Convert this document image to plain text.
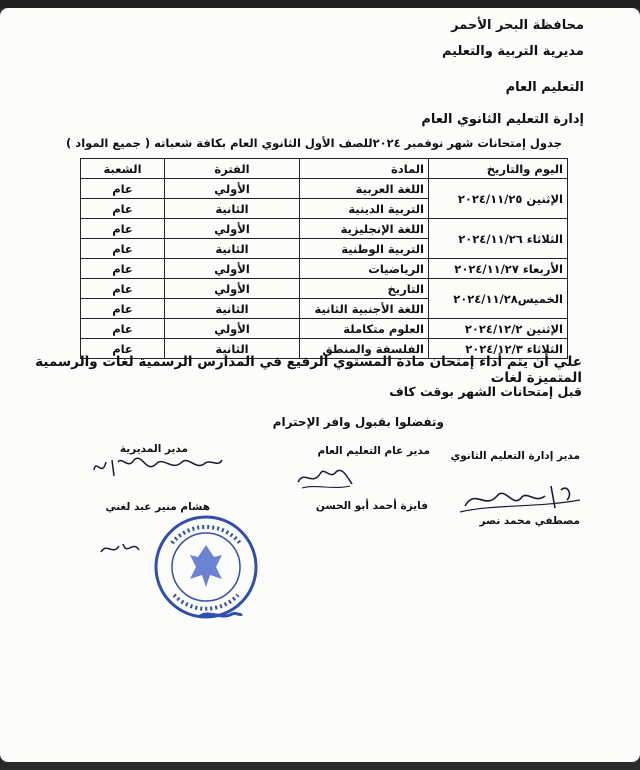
محافظة البحر الأحمر
مديرية التربية والتعليم
التعليم العام
إدارة التعليم الثانوي العام
جدول إمتحانات شهر نوفمبر ٢٠٢٤للصف الأول الثانوي العام بكافة شعباته ( جميع المواد )
اليوم والتاريخ	المادة	الفترة	الشعبة
الإثنين ٢٠٢٤/١١/٢٥	اللغة العربية	الأولي	عام
	التربية الدينية	الثانية	عام
الثلاثاء ٢٠٢٤/١١/٢٦	اللغة الإنجليزية	الأولي	عام
	التربية الوطنية	الثانية	عام
الأربعاء ٢٠٢٤/١١/٢٧	الرياضيات	الأولي	عام
الخميس٢٠٢٤/١١/٢٨	التاريخ	الأولي	عام
	اللغة الأجنبية الثانية	الثانية	عام
الإثنين ٢٠٢٤/١٢/٢	العلوم متكاملة	الأولي	عام
الثلاثاء ٢٠٢٤/١٢/٣	الفلسفة والمنطق	الثانية	عام
علي أن يتم أداء إمتحان مادة المستوي الرفيع في المدارس الرسمية لغات والرسمية المتميزة لغات
قبل إمتحانات الشهر بوقت كاف
وتفضلوا بقبول وافر الإحترام
مدير إدارة التعليم الثانوي
مدير عام التعليم العام
مدير المديرية
مصطفي محمد نصر
فايزة أحمد أبو الحسن
هشام منير عبد لغني
